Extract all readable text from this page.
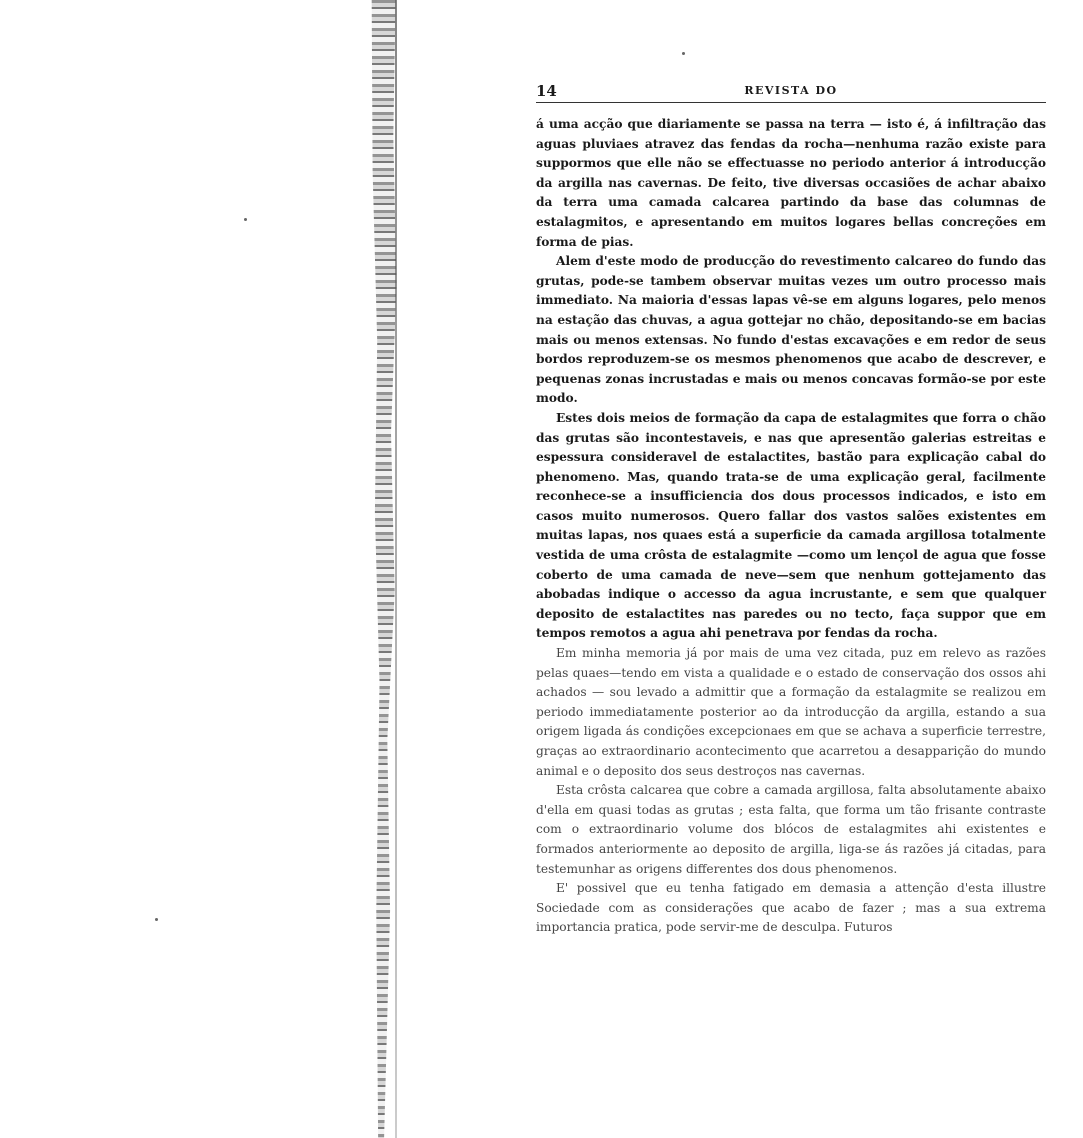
14	REVISTA DO

á uma acção que diariamente se passa na terra — isto é, á infiltração das aguas pluviaes atravez das fendas da rocha—nenhuma razão existe para suppormos que elle não se effectuasse no periodo anterior á introducção da argilla nas cavernas. De feito, tive diversas occasiões de achar abaixo da terra uma camada calcarea partindo da base das columnas de estalagmitos, e apresentando em muitos logares bellas concreções em forma de pias.

Alem d'este modo de producção do revestimento calcareo do fundo das grutas, pode-se tambem observar muitas vezes um outro processo mais immediato. Na maioria d'essas lapas vê-se em alguns logares, pelo menos na estação das chuvas, a agua gottejar no chão, depositando-se em bacias mais ou menos extensas. No fundo d'estas excavações e em redor de seus bordos reproduzem-se os mesmos phenomenos que acabo de descrever, e pequenas zonas incrustadas e mais ou menos concavas formão-se por este modo.

Estes dois meios de formação da capa de estalagmites que forra o chão das grutas são incontestaveis, e nas que apresentão galerias estreitas e espessura consideravel de estalactites, bastão para explicação cabal do phenomeno. Mas, quando trata-se de uma explicação geral, facilmente reconhece-se a insufficiencia dos dous processos indicados, e isto em casos muito numerosos. Quero fallar dos vastos salões existentes em muitas lapas, nos quaes está a superficie da camada argillosa totalmente vestida de uma crôsta de estalagmite —como um lençol de agua que fosse coberto de uma camada de neve—sem que nenhum gottejamento das abobadas indique o accesso da agua incrustante, e sem que qualquer deposito de estalactites nas paredes ou no tecto, faça suppor que em tempos remotos a agua ahi penetrava por fendas da rocha.

Em minha memoria já por mais de uma vez citada, puz em relevo as razões pelas quaes—tendo em vista a qualidade e o estado de conservação dos ossos ahi achados — sou levado a admittir que a formação da estalagmite se realizou em periodo immediatamente posterior ao da introducção da argilla, estando a sua origem ligada ás condições excepcionaes em que se achava a superficie terrestre, graças ao extraordinario acontecimento que acarretou a desapparição do mundo animal e o deposito dos seus destroços nas cavernas.

Esta crôsta calcarea que cobre a camada argillosa, falta absolutamente abaixo d'ella em quasi todas as grutas ; esta falta, que forma um tão frisante contraste com o extraordinario volume dos blócos de estalagmites ahi existentes e formados anteriormente ao deposito de argilla, liga-se ás razões já citadas, para testemunhar as origens differentes dos dous phenomenos.

E' possivel que eu tenha fatigado em demasia a attenção d'esta illustre Sociedade com as considerações que acabo de fazer ; mas a sua extrema importancia pratica, pode servir-me de desculpa. Futuros
